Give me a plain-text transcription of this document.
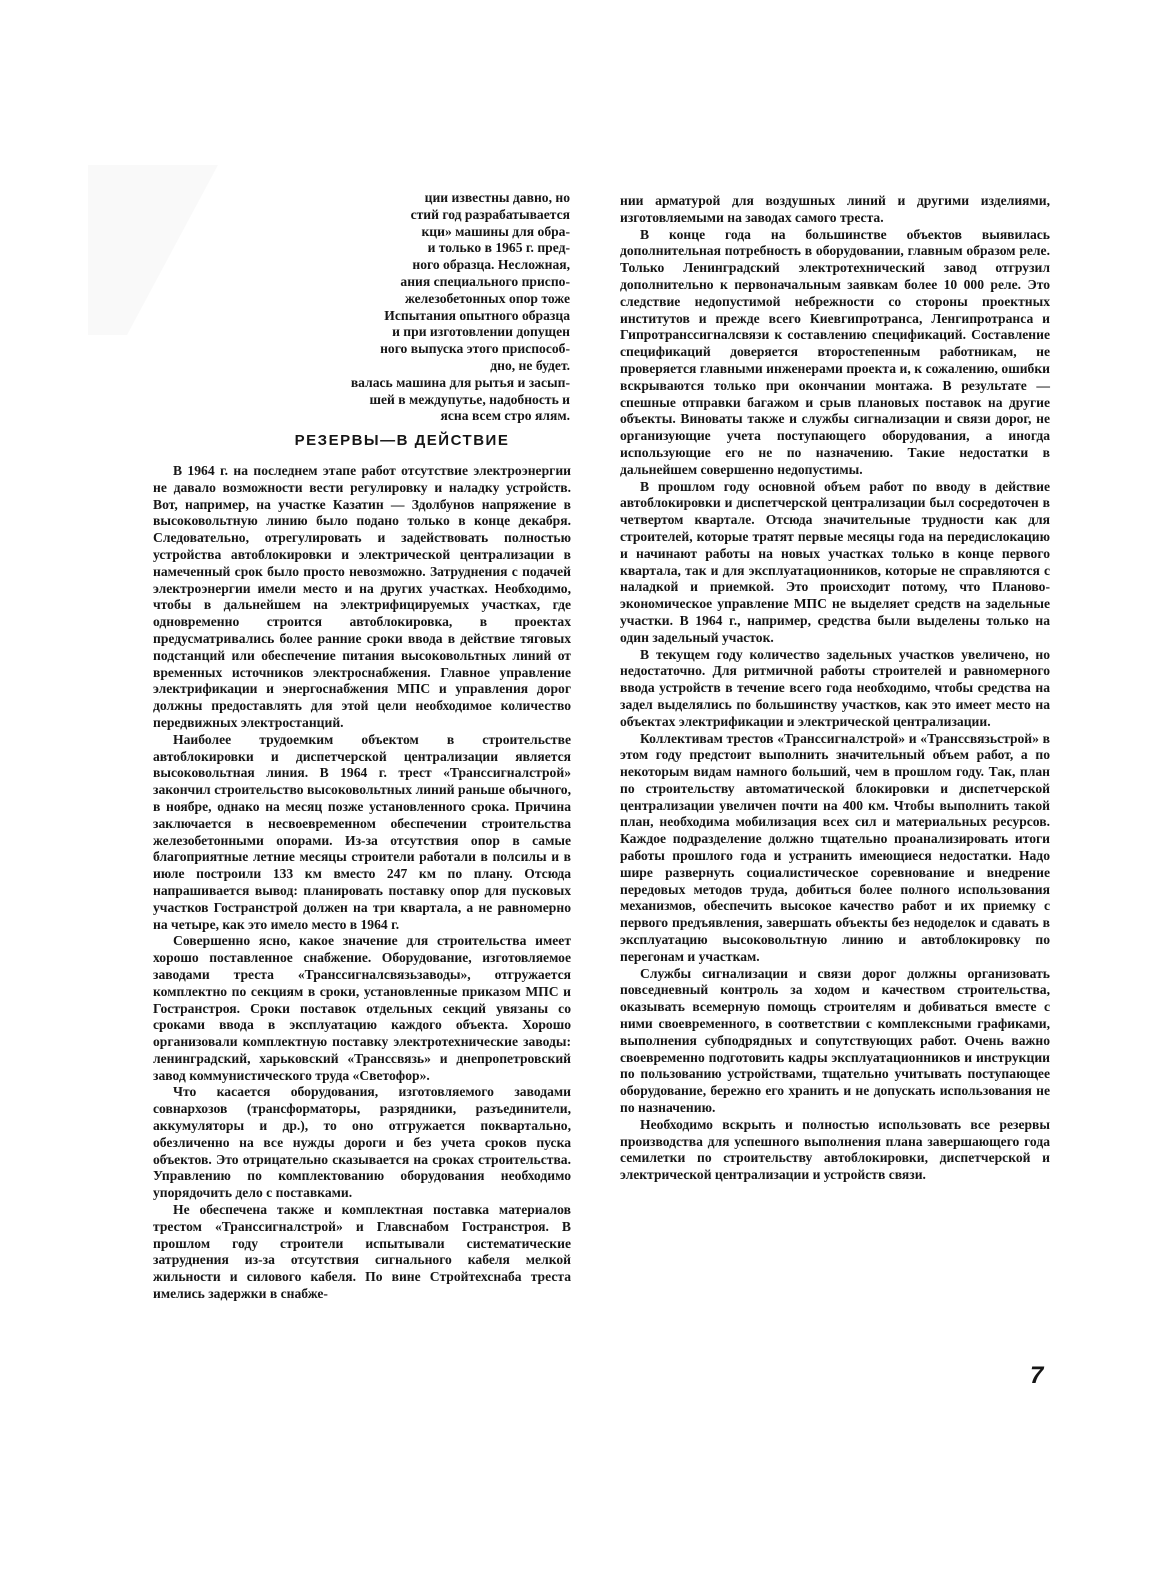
ции известны давно, но

стий год разрабатывается

кци» машины для обра-

и только в 1965 г. пред-

ного образца. Несложная,

ания специального приспо-

железобетонных опор тоже

Испытания опытного образца

и при изготовлении допущен

ного выпуска этого приспособ-

дно, не будет.

валась машина для рытья и засып-

шей в междупутье, надобность и

ясна всем стро ялям.

РЕЗЕРВЫ—В ДЕЙСТВИЕ

В 1964 г. на последнем этапе работ отсутствие электроэнергии не давало возможности вести регулировку и наладку устройств. Вот, например, на участке Казатин — Здолбунов напряжение в высоковольтную линию было подано только в конце декабря. Следовательно, отрегулировать и задействовать полностью устройства автоблокировки и электрической централизации в намеченный срок было просто невозможно. Затруднения с подачей электроэнергии имели место и на других участках. Необходимо, чтобы в дальнейшем на электрифицируемых участках, где одновременно строится автоблокировка, в проектах предусматривались более ранние сроки ввода в действие тяговых подстанций или обеспечение питания высоковольтных линий от временных источников электроснабжения. Главное управление электрификации и энергоснабжения МПС и управления дорог должны предоставлять для этой цели необходимое количество передвижных электростанций.

Наиболее трудоемким объектом в строительстве автоблокировки и диспетчерской централизации является высоковольтная линия. В 1964 г. трест «Транссигналстрой» закончил строительство высоковольтных линий раньше обычного, в ноябре, однако на месяц позже установленного срока. Причина заключается в несвоевременном обеспечении строительства железобетонными опорами. Из-за отсутствия опор в самые благоприятные летние месяцы строители работали в полсилы и в июле построили 133 км вместо 247 км по плану. Отсюда напрашивается вывод: планировать поставку опор для пусковых участков Гостранстрой должен на три квартала, а не равномерно на четыре, как это имело место в 1964 г.

Совершенно ясно, какое значение для строительства имеет хорошо поставленное снабжение. Оборудование, изготовляемое заводами треста «Транссигналсвязьзаводы», отгружается комплектно по секциям в сроки, установленные приказом МПС и Гостранстроя. Сроки поставок отдельных секций увязаны со сроками ввода в эксплуатацию каждого объекта. Хорошо организовали комплектную поставку электротехнические заводы: ленинградский, харьковский «Транссвязь» и днепропетровский завод коммунистического труда «Светофор».

Что касается оборудования, изготовляемого заводами совнархозов (трансформаторы, разрядники, разъединители, аккумуляторы и др.), то оно отгружается поквартально, обезличенно на все нужды дороги и без учета сроков пуска объектов. Это отрицательно сказывается на сроках строительства. Управлению по комплектованию оборудования необходимо упорядочить дело с поставками.

Не обеспечена также и комплектная поставка материалов трестом «Транссигналстрой» и Главснабом Гостранстроя. В прошлом году строители испытывали систематические затруднения из-за отсутствия сигнального кабеля мелкой жильности и силового кабеля. По вине Стройтехснаба треста имелись задержки в снабже-

нии арматурой для воздушных линий и другими изделиями, изготовляемыми на заводах самого треста.

В конце года на большинстве объектов выявилась дополнительная потребность в оборудовании, главным образом реле. Только Ленинградский электротехнический завод отгрузил дополнительно к первоначальным заявкам более 10 000 реле. Это следствие недопустимой небрежности со стороны проектных институтов и прежде всего Киевгипротранса, Ленгипротранса и Гипротранссигналсвязи к составлению спецификаций. Составление спецификаций доверяется второстепенным работникам, не проверяется главными инженерами проекта и, к сожалению, ошибки вскрываются только при окончании монтажа. В результате — спешные отправки багажом и срыв плановых поставок на другие объекты. Виноваты также и службы сигнализации и связи дорог, не организующие учета поступающего оборудования, а иногда использующие его не по назначению. Такие недостатки в дальнейшем совершенно недопустимы.

В прошлом году основной объем работ по вводу в действие автоблокировки и диспетчерской централизации был сосредоточен в четвертом квартале. Отсюда значительные трудности как для строителей, которые тратят первые месяцы года на передислокацию и начинают работы на новых участках только в конце первого квартала, так и для эксплуатационников, которые не справляются с наладкой и приемкой. Это происходит потому, что Планово-экономическое управление МПС не выделяет средств на задельные участки. В 1964 г., например, средства были выделены только на один задельный участок.

В текущем году количество задельных участков увеличено, но недостаточно. Для ритмичной работы строителей и равномерного ввода устройств в течение всего года необходимо, чтобы средства на задел выделялись по большинству участков, как это имеет место на объектах электрификации и электрической централизации.

Коллективам трестов «Транссигналстрой» и «Транссвязьстрой» в этом году предстоит выполнить значительный объем работ, а по некоторым видам намного больший, чем в прошлом году. Так, план по строительству автоматической блокировки и диспетчерской централизации увеличен почти на 400 км. Чтобы выполнить такой план, необходима мобилизация всех сил и материальных ресурсов. Каждое подразделение должно тщательно проанализировать итоги работы прошлого года и устранить имеющиеся недостатки. Надо шире развернуть социалистическое соревнование и внедрение передовых методов труда, добиться более полного использования механизмов, обеспечить высокое качество работ и их приемку с первого предъявления, завершать объекты без недоделок и сдавать в эксплуатацию высоковольтную линию и автоблокировку по перегонам и участкам.

Службы сигнализации и связи дорог должны организовать повседневный контроль за ходом и качеством строительства, оказывать всемерную помощь строителям и добиваться вместе с ними своевременного, в соответствии с комплексными графиками, выполнения субподрядных и сопутствующих работ. Очень важно своевременно подготовить кадры эксплуатационников и инструкции по пользованию устройствами, тщательно учитывать поступающее оборудование, бережно его хранить и не допускать использования не по назначению.

Необходимо вскрыть и полностью использовать все резервы производства для успешного выполнения плана завершающего года семилетки по строительству автоблокировки, диспетчерской и электрической централизации и устройств связи.

7
